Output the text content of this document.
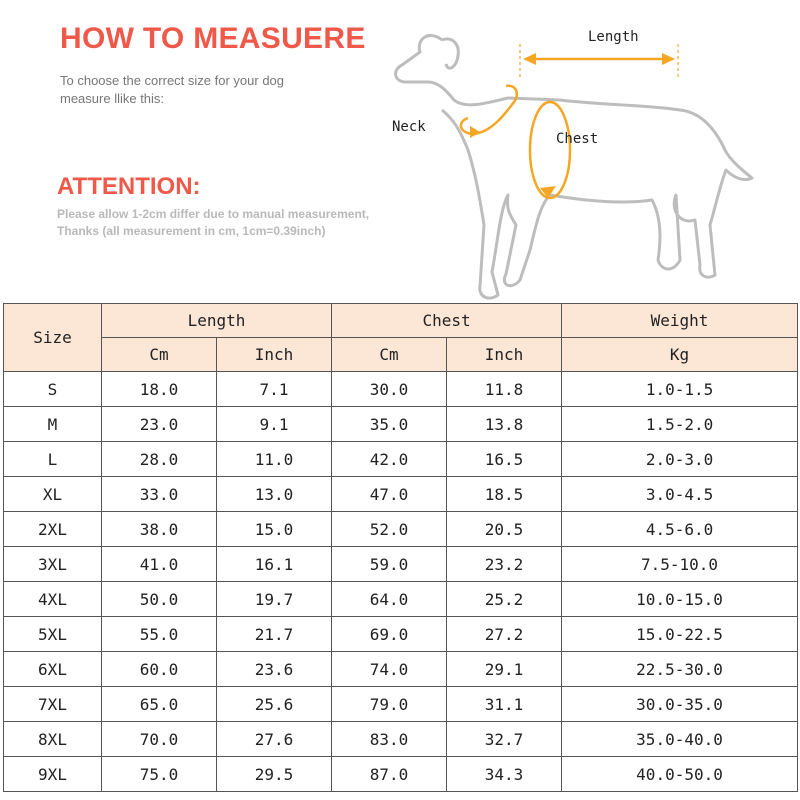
HOW TO MEASUERE
To choose the correct size for your dog
measure llike this:
ATTENTION:
Please allow 1-2cm differ due to manual measurement,
Thanks (all measurement in cm, 1cm=0.39inch)
Length
Neck
Chest
Size	Length		Chest		Weight
	Cm	Inch	Cm	Inch	Kg
S	18.0	7.1	30.0	11.8	1.0-1.5
M	23.0	9.1	35.0	13.8	1.5-2.0
L	28.0	11.0	42.0	16.5	2.0-3.0
XL	33.0	13.0	47.0	18.5	3.0-4.5
2XL	38.0	15.0	52.0	20.5	4.5-6.0
3XL	41.0	16.1	59.0	23.2	7.5-10.0
4XL	50.0	19.7	64.0	25.2	10.0-15.0
5XL	55.0	21.7	69.0	27.2	15.0-22.5
6XL	60.0	23.6	74.0	29.1	22.5-30.0
7XL	65.0	25.6	79.0	31.1	30.0-35.0
8XL	70.0	27.6	83.0	32.7	35.0-40.0
9XL	75.0	29.5	87.0	34.3	40.0-50.0
